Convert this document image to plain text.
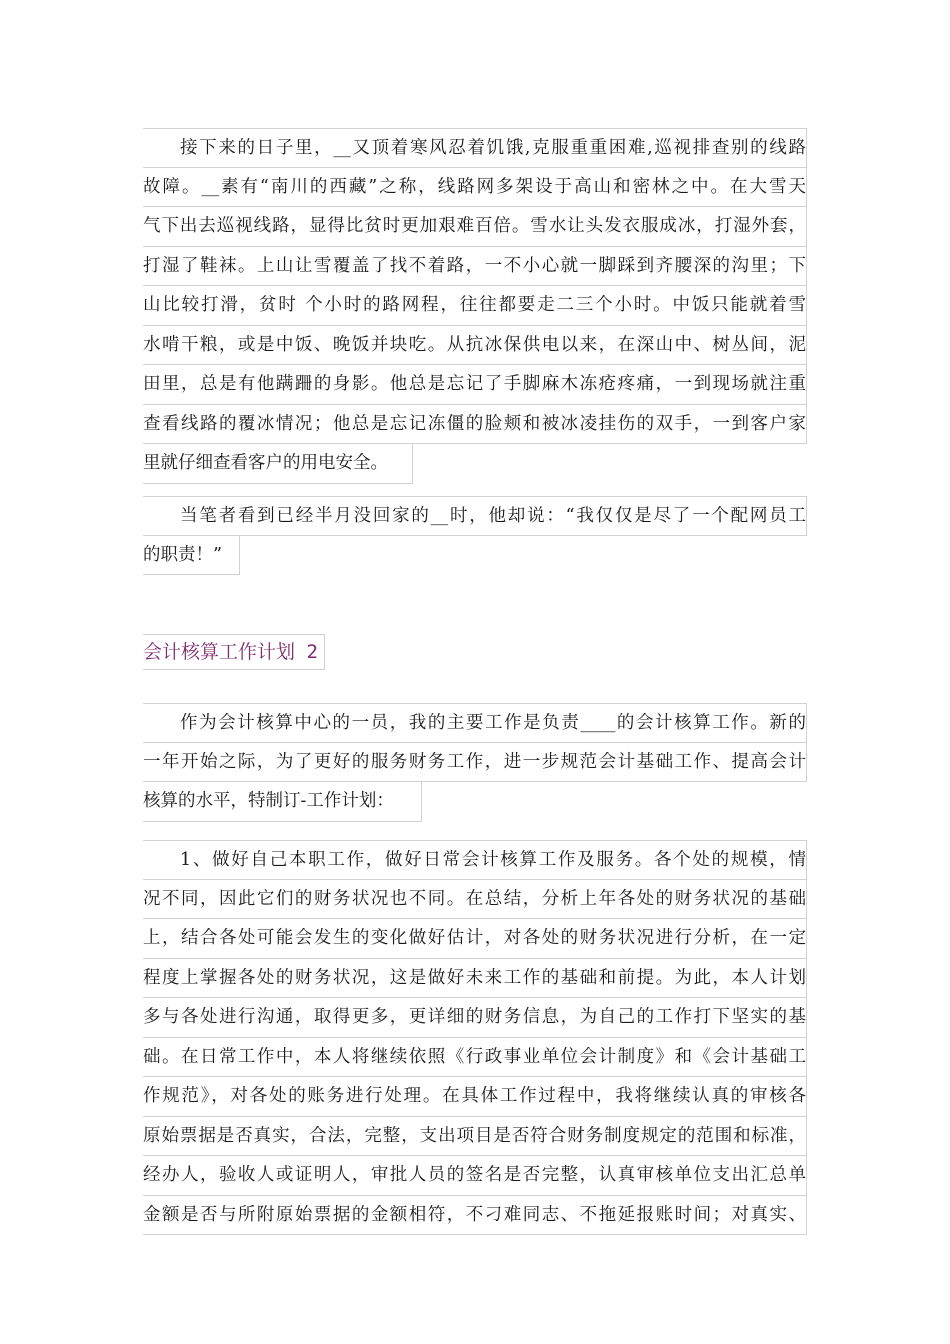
接下来的日子里，__又顶着寒风忍着饥饿,克服重重困难,巡视排查别的线路
故障。__素有“南川的西藏”之称，线路网多架设于高山和密林之中。在大雪天
气下出去巡视线路，显得比贫时更加艰难百倍。雪水让头发衣服成冰，打湿外套，
打湿了鞋袜。上山让雪覆盖了找不着路，一不小心就一脚踩到齐腰深的沟里；下
山比较打滑，贫时 个小时的路网程，往往都要走二三个小时。中饭只能就着雪
水啃干粮，或是中饭、晚饭并块吃。从抗冰保供电以来，在深山中、树丛间，泥
田里，总是有他蹒跚的身影。他总是忘记了手脚麻木冻疮疼痛，一到现场就注重
查看线路的覆冰情况；他总是忘记冻僵的脸颊和被冰凌挂伤的双手，一到客户家
里就仔细查看客户的用电安全。
当笔者看到已经半月没回家的__时，他却说：“我仅仅是尽了一个配网员工
的职责！”
会计核算工作计划 2
作为会计核算中心的一员，我的主要工作是负责____的会计核算工作。新的
一年开始之际，为了更好的服务财务工作，进一步规范会计基础工作、提高会计
核算的水平，特制订-工作计划：
1、做好自己本职工作，做好日常会计核算工作及服务。各个处的规模，情
况不同，因此它们的财务状况也不同。在总结，分析上年各处的财务状况的基础
上，结合各处可能会发生的变化做好估计，对各处的财务状况进行分析，在一定
程度上掌握各处的财务状况，这是做好未来工作的基础和前提。为此，本人计划
多与各处进行沟通，取得更多，更详细的财务信息，为自己的工作打下坚实的基
础。在日常工作中，本人将继续依照《行政事业单位会计制度》和《会计基础工
作规范》，对各处的账务进行处理。在具体工作过程中，我将继续认真的审核各
原始票据是否真实，合法，完整，支出项目是否符合财务制度规定的范围和标准，
经办人，验收人或证明人，审批人员的签名是否完整，认真审核单位支出汇总单
金额是否与所附原始票据的金额相符，不刁难同志、不拖延报账时间；对真实、
